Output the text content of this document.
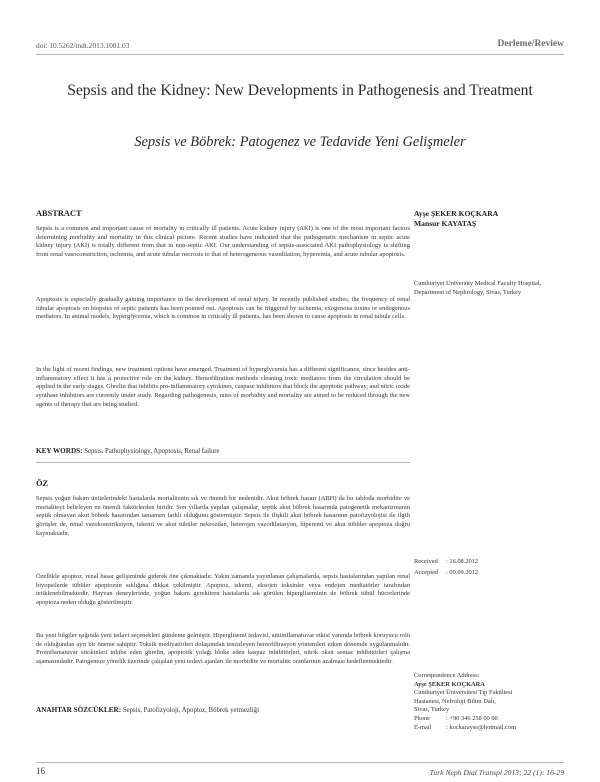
doi: 10.5262/tndt.2013.1001.03	Derleme/Review
Sepsis and the Kidney: New Developments in Pathogenesis and Treatment
Sepsis ve Böbrek: Patogenez ve Tedavide Yeni Gelişmeler
ABSTRACT

Sepsis is a common and important cause of mortality in critically ill patients. Acute kidney injury (AKI) is one of the most important factors determining morbidity and mortality in this clinical picture. Recent studies have indicated that the pathogenetic mechanism in septic acute kidney injury (AKI) is totally different from that in non-septic AKI. Our understanding of sepsis-associated AKI pathophysiology is shifting from renal vasoconstriction, ischemia, and acute tubular necrosis to that of heterogeneous vasodilation, hyperemia, and acute tubular apoptosis.

Apoptosis is especially gradually gaining importance in the development of renal injury. In recently published studies, the frequency of renal tubular apoptosis on biopsies of septic patients has been pointed out. Apoptosis can be triggered by ischemia, exogenous toxins or endogenous mediators. In animal models, hyperglycemia, which is common in critically ill patients, has been shown to cause apoptosis in renal tubule cells.

In the light of recent findings, new treatment options have emerged. Treatment of hyperglycemia has a different significance, since besides anti-inflammatory effect it has a protective role on the kidney. Hemofiltration methods cleaning toxic mediators from the circulation should be applied in the early stages. Ghrelin that inhibits pro-inflammatory cytokines, caspase inhibitors that block the apoptotic pathway, and nitric oxide synthase inhibitors are currently under study. Regarding pathogenesis, rates of morbidity and mortality are aimed to be reduced through the new agents of therapy that are being studied.

KEY WORDS: Sepsis, Pathophysiology, Apoptosis, Renal failure
ÖZ

Sepsis yoğun bakım ünitelerindeki hastalarda mortalitenin sık ve önemli bir nedenidir. Akut böbrek hasarı (ABH) da bu tabloda morbidite ve mortaliteyi belirleyen en önemli faktörlerden biridir. Son yıllarda yapılan çalışmalar, septik akut böbrek hasarında patogenetik mekanizmanın septik olmayan akut böbrek hasarından tamamen farklı olduğunu göstermiştir. Sepsis ile ilişkili akut böbrek hasarının patofizyolojisi ile ilgili görüşler de, renal vazokonstriksiyon, iskemi ve akut tübüler nekrozdan, heterojen vazodilatasyon, hiperemi ve akut tübüler apoptoza doğru kaymaktadır.

Özellikle apoptoz, renal hasar gelişiminde giderek öne çıkmaktadır. Yakın zamanda yayınlanan çalışmalarda, sepsis hastalarından yapılan renal biyopsilerde tübüler apoptozun sıklığına dikkat çekilmiştir. Apoptoz, iskemi, eksojen toksinler veya endojen mediatörler tarafından tetiklenebilmektedir. Hayvan deneylerinde, yoğun bakım gerektiren hastalarda sık görülen hipergliseminin de böbrek tübül hücrelerinde apoptoza neden olduğu gösterilmiştir.

Bu yeni bilgiler ışığında yeni tedavi seçenekleri gündeme gelmiştir. Hiperglisemi tedavisi, antiinflamatuvar etkisi yanında böbrek koruyucu rolü de olduğundan ayrı bir öneme sahiptir. Toksik mediyatörleri dolaşımdan temizleyen hemofiltrasyon yöntemleri erken dönemde uygulanmalıdır. Proinflamatuvar sitokinleri inhibe eden ghrelin, apoptotik yolağı bloke eden kaspaz inhibitörleri, nitrik oksit sentaz inhibitörleri çalışma aşamasındadır. Patogeneze yönelik üzerinde çalışılan yeni tedavi ajanları ile morbidite ve mortalite oranlarının azalması hedeflenmektedir.

ANAHTAR SÖZCÜKLER: Sepsis, Patofizyoloji, Apoptoz, Böbrek yetmezliği
Ayşe ŞEKER KOÇKARA
Mansur KAYATAŞ
Cumhuriyet University Medical Faculty Hospital, Department of Nephrology, Sivas, Turkey
Received : 16.08.2012
Accepted : 09.09.2012
Correspondence Address:
Ayşe ŞEKER KOÇKARA
Cumhuriyet Üniversitesi Tıp Fakültesi
Hastanesi, Nefroloji Bilim Dalı,
Sivas, Turkey
Phone	: +90 346 258 00 00
E-mail : kockarayse@hotmail.com
16	Turk Neph Dial Transpl 2013; 22 (1): 16-29
